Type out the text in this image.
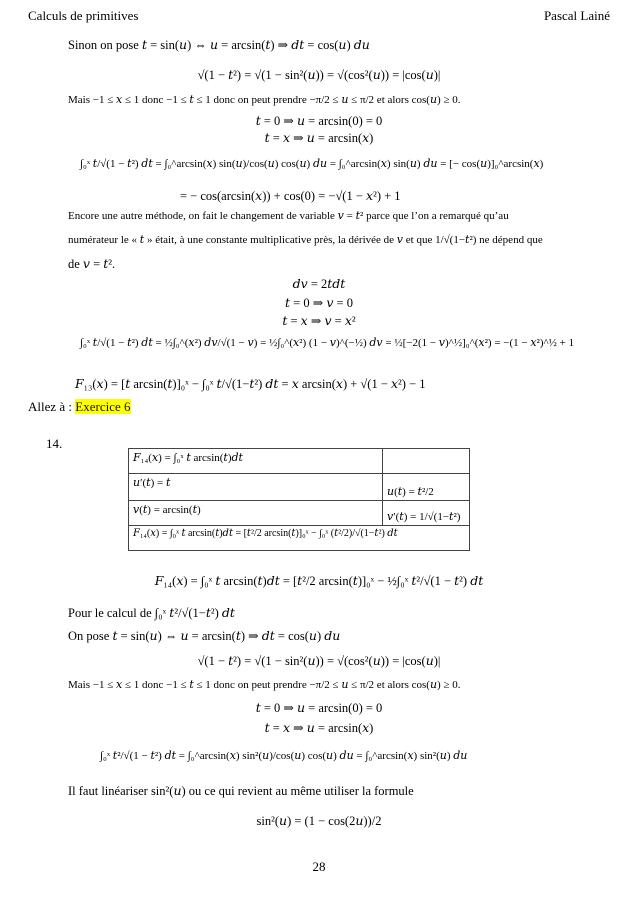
Calculs de primitives	Pascal Lainé
Sinon on pose 𝑡 = sin(𝑢) ⇔ 𝑢 = arcsin(𝑡) ⇒ 𝑑𝑡 = cos(𝑢) 𝑑𝑢
√(1 − 𝑡²) = √(1 − sin²(𝑢)) = √(cos²(𝑢)) = |cos(𝑢)|
Mais −1 ≤ 𝑥 ≤ 1 donc −1 ≤ 𝑡 ≤ 1 donc on peut prendre −π/2 ≤ 𝑢 ≤ π/2 et alors cos(𝑢) ≥ 0.
𝑡 = 0 ⇒ 𝑢 = arcsin(0) = 0
𝑡 = 𝑥 ⇒ 𝑢 = arcsin(𝑥)
∫₀ˣ 𝑡/√(1 − 𝑡²) 𝑑𝑡 = ∫₀^arcsin(𝑥) sin(𝑢)/cos(𝑢) cos(𝑢) 𝑑𝑢 = ∫₀^arcsin(𝑥) sin(𝑢) 𝑑𝑢 = [− cos(𝑢)]₀^arcsin(𝑥)
= − cos(arcsin(𝑥)) + cos(0) = −√(1 − 𝑥²) + 1
Encore une autre méthode, on fait le changement de variable 𝑣 = 𝑡² parce que l’on a remarqué qu’au
numérateur le « 𝑡 » était, à une constante multiplicative près, la dérivée de 𝑣 et que 1/√(1−𝑡²) ne dépend que
de 𝑣 = 𝑡².
𝑑𝑣 = 2𝑡𝑑𝑡
𝑡 = 0 ⇒ 𝑣 = 0
𝑡 = 𝑥 ⇒ 𝑣 = 𝑥²
∫₀ˣ 𝑡/√(1 − 𝑡²) 𝑑𝑡 = ½∫₀^(𝑥²) 𝑑𝑣/√(1 − 𝑣) = ½∫₀^(𝑥²) (1 − 𝑣)^(−½) 𝑑𝑣 = ½[−2(1 − 𝑣)^½]₀^(𝑥²) = −(1 − 𝑥²)^½ + 1
𝐹₁₃(𝑥) = [𝑡 arcsin(𝑡)]₀ˣ − ∫₀ˣ 𝑡/√(1−𝑡²) 𝑑𝑡 = 𝑥 arcsin(𝑥) + √(1 − 𝑥²) − 1
Allez à : Exercice 6
14.
𝐹₁₄(𝑥) = ∫₀ˣ 𝑡 arcsin(𝑡)𝑑𝑡	
𝑢′(𝑡) = 𝑡	𝑢(𝑡) = 𝑡²/2
𝑣(𝑡) = arcsin(𝑡)	𝑣′(𝑡) = 1/√(1−𝑡²)
𝐹₁₄(𝑥) = ∫₀ˣ 𝑡 arcsin(𝑡)𝑑𝑡 = [𝑡²/2 arcsin(𝑡)]₀ˣ − ∫₀ˣ (𝑡²/2)/√(1−𝑡²) 𝑑𝑡	
𝐹₁₄(𝑥) = ∫₀ˣ 𝑡 arcsin(𝑡)𝑑𝑡 = [𝑡²/2 arcsin(𝑡)]₀ˣ − ½∫₀ˣ 𝑡²/√(1 − 𝑡²) 𝑑𝑡
Pour le calcul de ∫₀ˣ 𝑡²/√(1−𝑡²) 𝑑𝑡
On pose 𝑡 = sin(𝑢) ⇔ 𝑢 = arcsin(𝑡) ⇒ 𝑑𝑡 = cos(𝑢) 𝑑𝑢
√(1 − 𝑡²) = √(1 − sin²(𝑢)) = √(cos²(𝑢)) = |cos(𝑢)|
Mais −1 ≤ 𝑥 ≤ 1 donc −1 ≤ 𝑡 ≤ 1 donc on peut prendre −π/2 ≤ 𝑢 ≤ π/2 et alors cos(𝑢) ≥ 0.
𝑡 = 0 ⇒ 𝑢 = arcsin(0) = 0
𝑡 = 𝑥 ⇒ 𝑢 = arcsin(𝑥)
∫₀ˣ 𝑡²/√(1 − 𝑡²) 𝑑𝑡 = ∫₀^arcsin(𝑥) sin²(𝑢)/cos(𝑢) cos(𝑢) 𝑑𝑢 = ∫₀^arcsin(𝑥) sin²(𝑢) 𝑑𝑢
Il faut linéariser sin²(𝑢) ou ce qui revient au même utiliser la formule
sin²(𝑢) = (1 − cos(2𝑢))/2
28
